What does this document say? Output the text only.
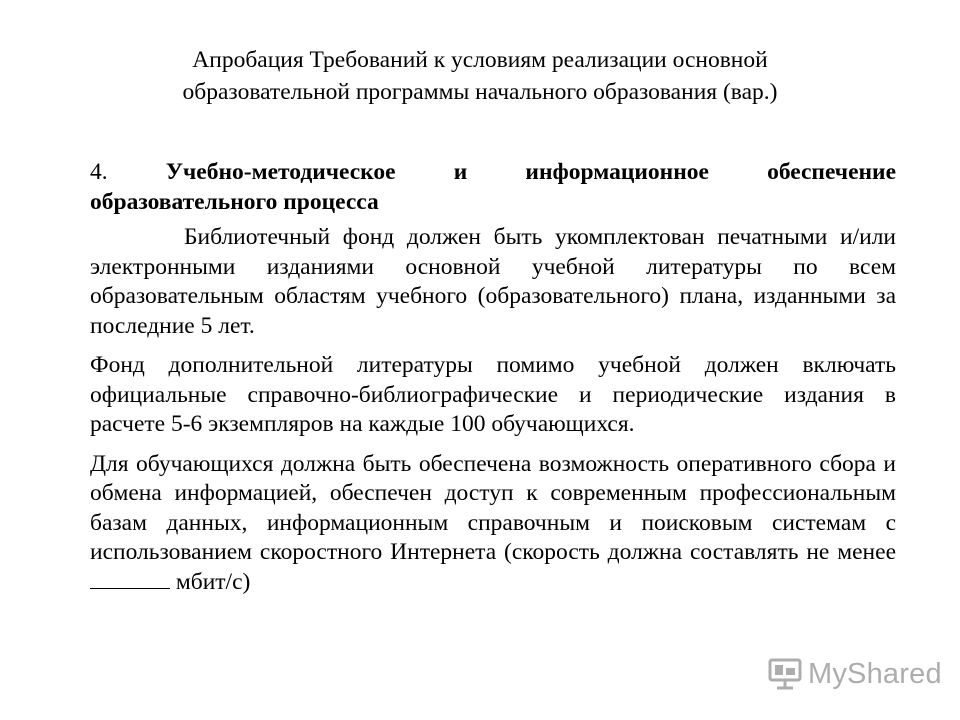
Апробация Требований к условиям реализации основной
образовательной программы начального образования (вар.)
4. Учебно-методическое и информационное обеспечение
образовательного процесса

Библиотечный фонд должен быть укомплектован печатными и/или электронными изданиями основной учебной литературы по всем образовательным областям учебного (образовательного) плана, изданными за последние 5 лет.

Фонд дополнительной литературы помимо учебной должен включать официальные справочно-библиографические и периодические издания в расчете 5-6 экземпляров на каждые 100 обучающихся.

Для обучающихся должна быть обеспечена возможность оперативного сбора и обмена информацией, обеспечен доступ к современным профессиональным базам данных, информационным справочным и поисковым системам с использованием скоростного Интернета (скорость должна составлять не менее  мбит/с)

MyShared
